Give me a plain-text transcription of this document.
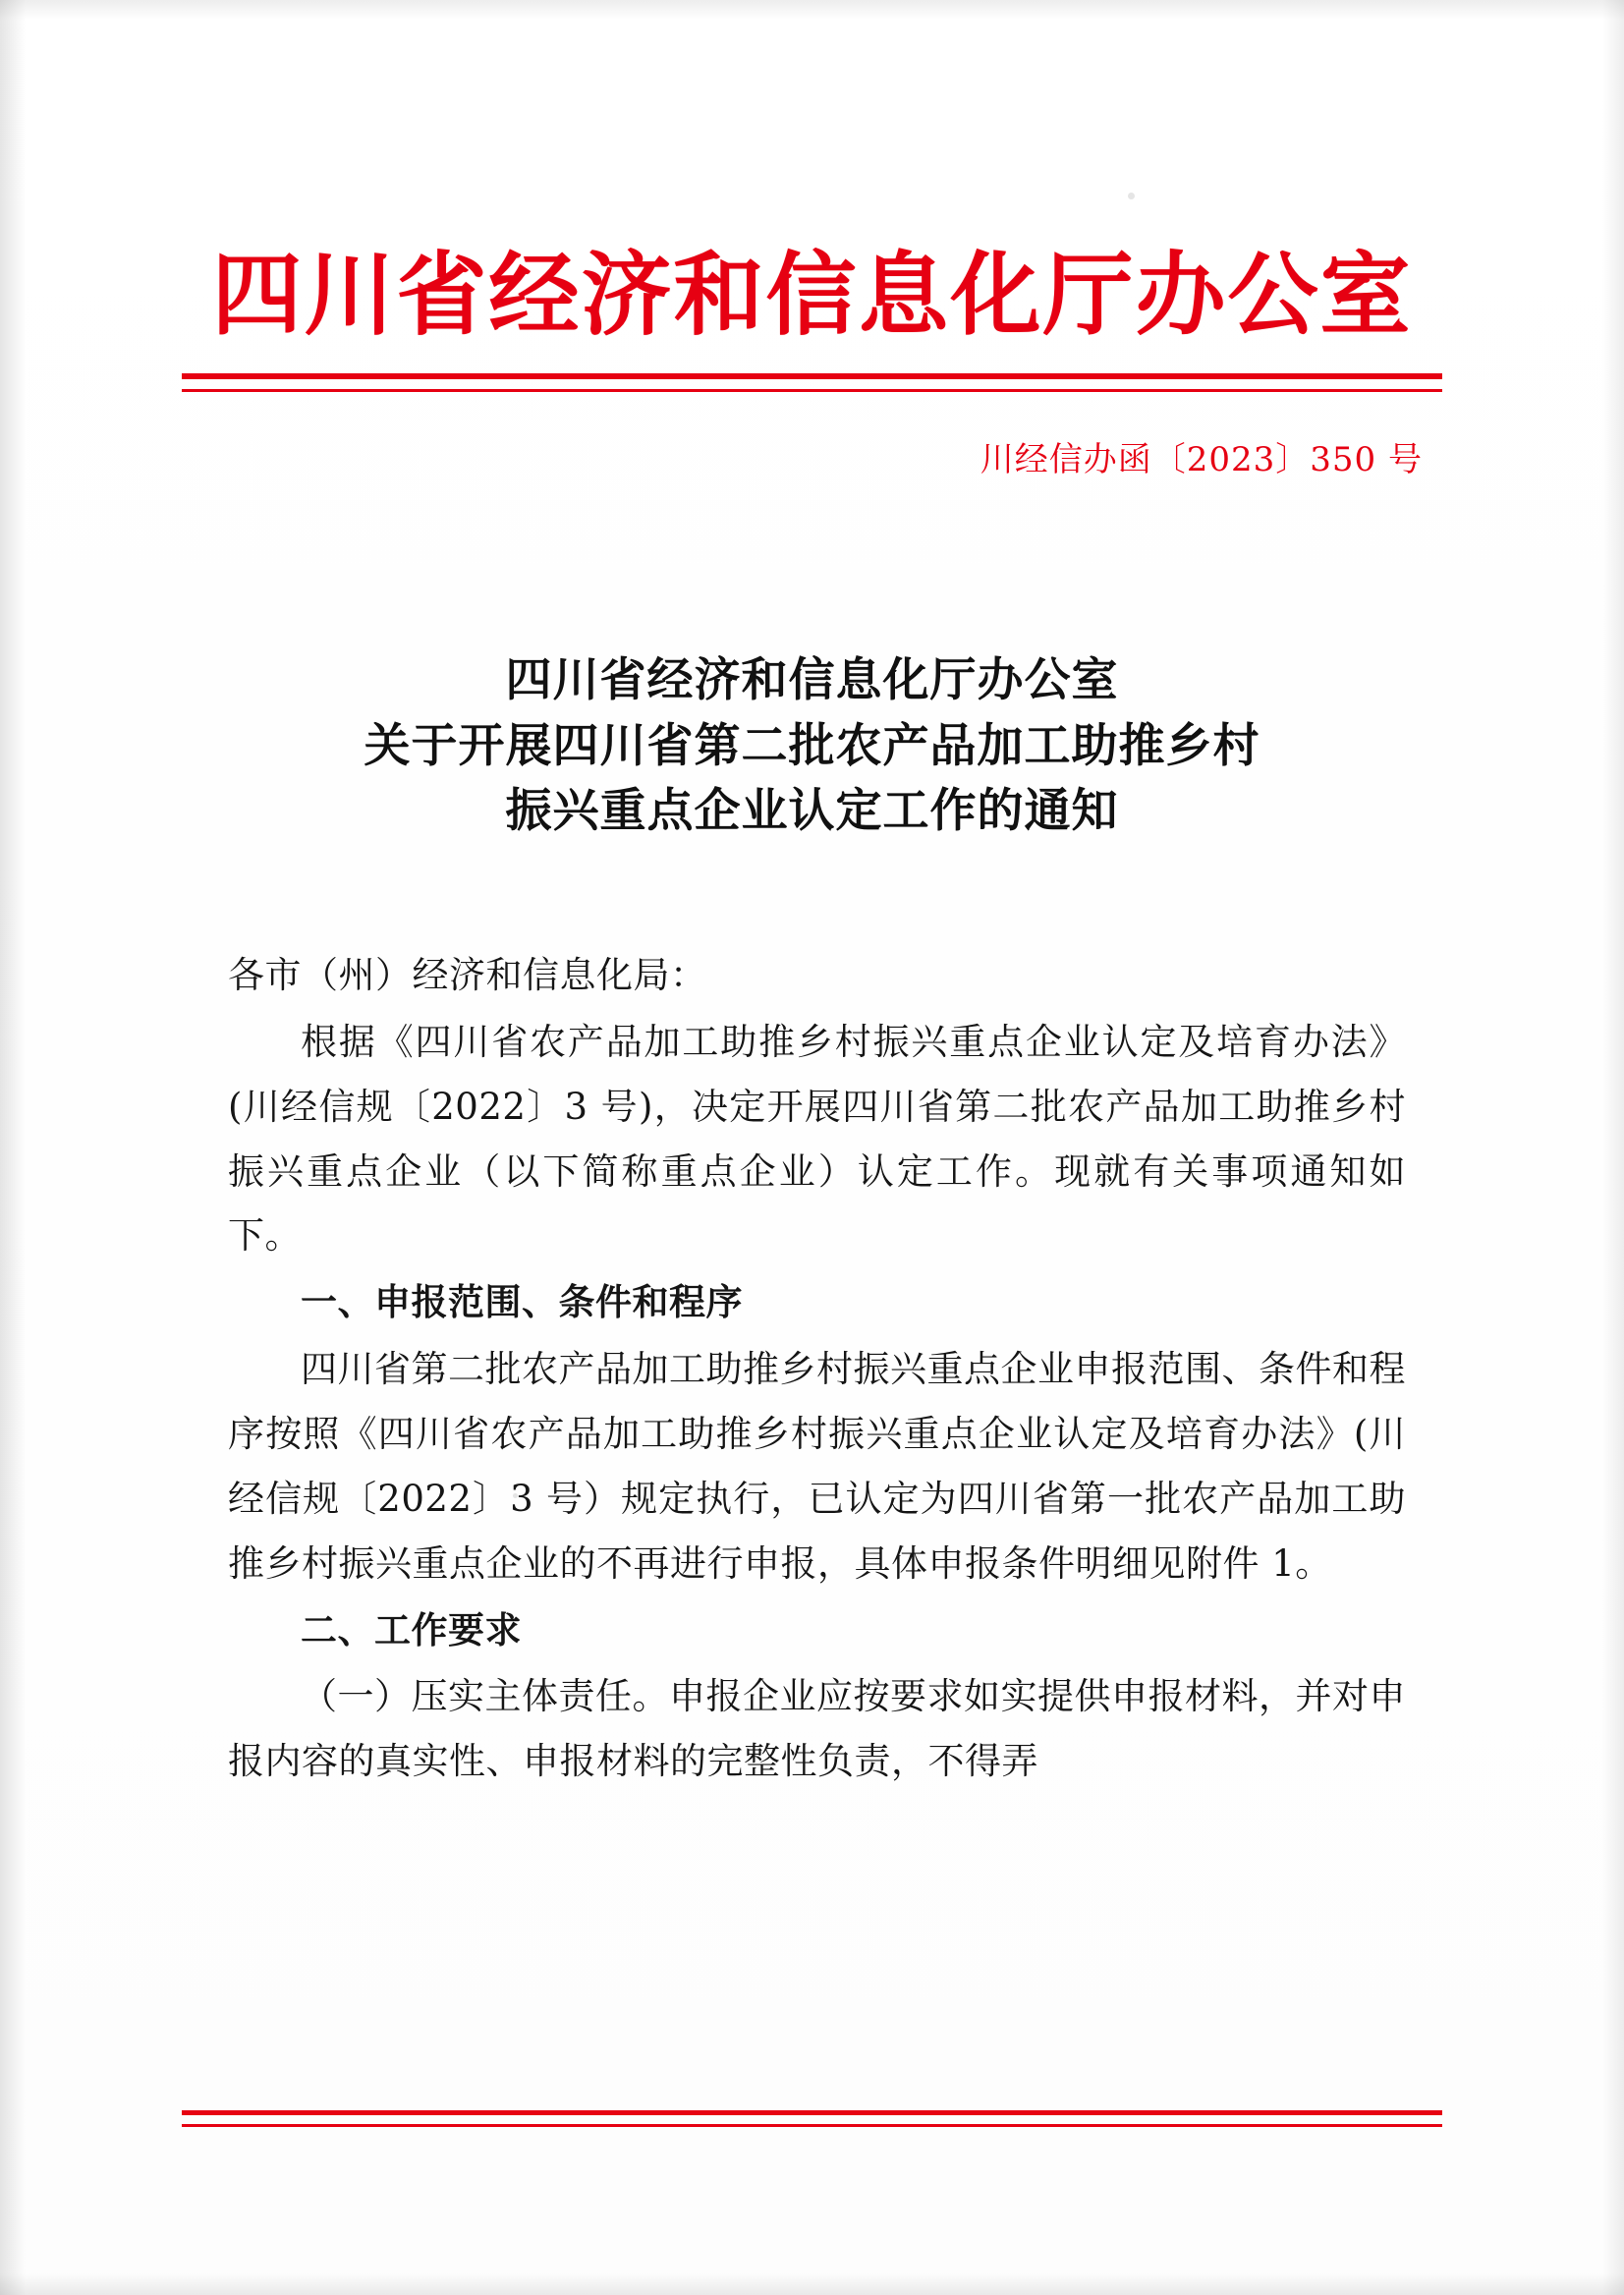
四川省经济和信息化厅办公室
川经信办函〔2023〕350 号
四川省经济和信息化厅办公室
关于开展四川省第二批农产品加工助推乡村
振兴重点企业认定工作的通知

各市（州）经济和信息化局：

根据《四川省农产品加工助推乡村振兴重点企业认定及培育办法》(川经信规〔2022〕3 号)，决定开展四川省第二批农产品加工助推乡村振兴重点企业（以下简称重点企业）认定工作。现就有关事项通知如下。

一、申报范围、条件和程序

四川省第二批农产品加工助推乡村振兴重点企业申报范围、条件和程序按照《四川省农产品加工助推乡村振兴重点企业认定及培育办法》(川经信规〔2022〕3 号）规定执行，已认定为四川省第一批农产品加工助推乡村振兴重点企业的不再进行申报，具体申报条件明细见附件 1。

二、工作要求

（一）压实主体责任。申报企业应按要求如实提供申报材料，并对申报内容的真实性、申报材料的完整性负责，不得弄
